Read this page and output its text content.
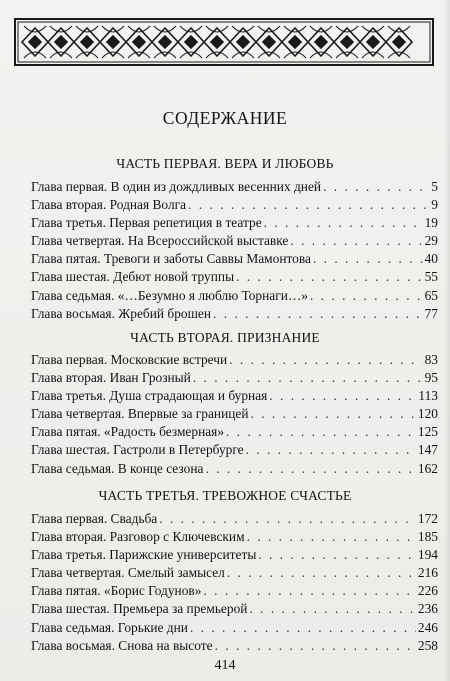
СОДЕРЖАНИЕ
ЧАСТЬ ПЕРВАЯ. ВЕРА И ЛЮБОВЬ
Глава первая. В один из дождливых весенних дней . . .	5
Глава вторая. Родная Волга . . .	9
Глава третья. Первая репетиция в театре . . .	19
Глава четвертая. На Всероссийской выставке . . .	29
Глава пятая. Тревоги и заботы Саввы Мамонтова . . .	40
Глава шестая. Дебют новой труппы . . .	55
Глава седьмая. «…Безумно я люблю Торнаги…» . . .	65
Глава восьмая. Жребий брошен . . .	77
ЧАСТЬ ВТОРАЯ. ПРИЗНАНИЕ
Глава первая. Московские встречи . . .	83
Глава вторая. Иван Грозный . . .	95
Глава третья. Душа страдающая и бурная . . .	113
Глава четвертая. Впервые за границей . . .	120
Глава пятая. «Радость безмерная» . . .	125
Глава шестая. Гастроли в Петербурге . . .	147
Глава седьмая. В конце сезона . . .	162
ЧАСТЬ ТРЕТЬЯ. ТРЕВОЖНОЕ СЧАСТЬЕ
Глава первая. Свадьба . . .	172
Глава вторая. Разговор с Ключевским . . .	185
Глава третья. Парижские университеты . . .	194
Глава четвертая. Смелый замысел . . .	216
Глава пятая. «Борис Годунов» . . .	226
Глава шестая. Премьера за премьерой . . .	236
Глава седьмая. Горькие дни . . .	246
Глава восьмая. Снова на высоте . . .	258
414
